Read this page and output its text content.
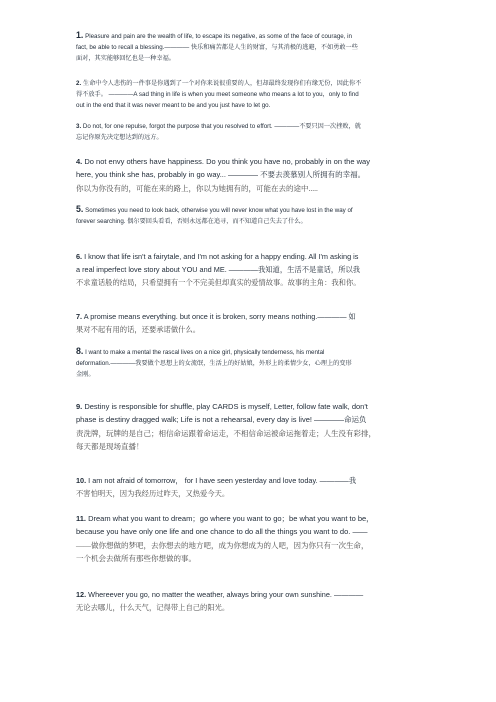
1. Pleasure and pain are the wealth of life, to escape its negative, as some of the face of courage, in
fact, be able to recall a blessing.———— 快乐和痛苦都是人生的财富，与其消极的逃避，不如勇敢一些
面对，其实能够回忆也是一种幸福。
2. 生命中令人悲伤的一件事是你遇到了一个对你来说很重要的人，但却最终发现你们有缘无份，因此你不
得不放手。 ————A sad thing in life is when you meet someone who means a lot to you，only to find
out in the end that it was never meant to be and you just have to let go.
3. Do not, for one repulse, forgot the purpose that you resolved to effort. ————不要只因一次挫败，就
忘记你原先决定想达到的远方。
4. Do not envy others have happiness. Do you think you have no, probably in on the way
here, you think she has, probably in go way... ———— 不要去羡慕别人所拥有的幸福。
你以为你没有的，可能在来的路上，你以为她拥有的，可能在去的途中.....
5. Sometimes you need to look back, otherwise you will never know what you have lost in the way of
forever searching. 偶尔要回头看看，否则永远都在追寻，而不知道自己失去了什么。
6. I know that life isn't a fairytale, and I'm not asking for a happy ending. All I'm asking is
a real imperfect love story about YOU and ME. ————我知道，生活不是童话，所以我
不求童话般的结局，只希望拥有一个不完美但却真实的爱情故事。故事的主角：我和你。
7. A promise means everything. but once it is broken, sorry means nothing.———— 如
果对不起有用的话，还要承诺做什么。
8. I want to make a mental the rascal lives on a nice girl, physically tenderness, his mental
deformation.————我要做个思想上的女流氓，生活上的好姑娘，外形上的柔情少女，心理上的变形
金刚。
9. Destiny is responsible for shuffle, play CARDS is myself, Letter, follow fate walk, don't
phase is destiny dragged walk; Life is not a rehearsal, every day is live! ————命运负
责洗牌，玩牌的是自己；相信命运跟着命运走，不相信命运被命运拖着走；人生没有彩排，
每天都是现场直播！
10. I am not afraid of tomorrow， for I have seen yesterday and love today. ————我
不害怕明天，因为我经历过昨天，又热爱今天。
11. Dream what you want to dream；go where you want to go；be what you want to be，
because you have only one life and one chance to do all the things you want to do. ——
——做你想做的梦吧，去你想去的地方吧，成为你想成为的人吧，因为你只有一次生命，
一个机会去做所有那些你想做的事。
12. Whereever you go, no matter the weather, always bring your own sunshine. ————
无论去哪儿，什么天气，记得带上自己的阳光。
